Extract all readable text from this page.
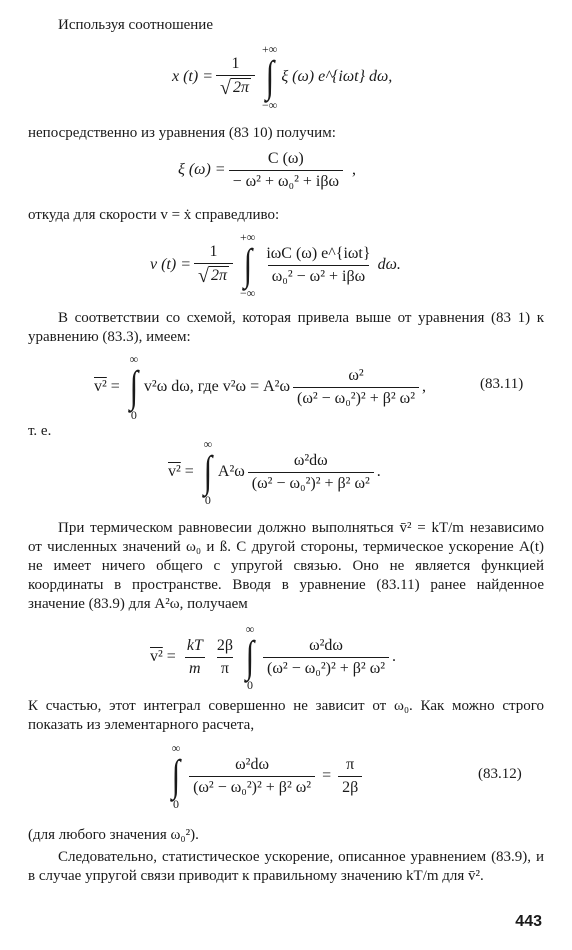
Используя соотношение
x $(t) = \frac{1}{√ 2\pi}$
+∞
∫
−∞
ξ (ω) e^{iωt} dω,
непосредственно из уравнения (83 10) получим:
ξ $(\omega) = \frac{C (\omega)}{\text{− ω² + ω₀² + iβω}}$ ,
откуда для скорости v = ẋ справедливо:
v $(t) = \frac{1}{√ 2\pi}$
+∞
∫
−∞
$\frac{\text{iωC (ω) e\textasciicircum{}\{iωt\}}}{\text{ω₀² − ω² + iβω}} d\omega$.
В соответствии со схемой, которая привела выше от уравнения (83 1) к уравнению (83.3), имеем:
v² =
∞
∫
0
v²ω dω, где $v^2\omega = A^2\omega \frac{\text{ω²}}{\text{(ω² − ω₀²)² + β² ω²}}$ ,	(83.11)
т. е.
v² =
∞
∫
0
$A^2\omega \frac{\text{ω²dω}}{\text{(ω² − ω₀²)² + β² ω²}}$ .
При термическом равновесии должно выполняться v̄² = kT/m независимо от численных значений ω₀ и ß. С другой стороны, термическое ускорение A(t) не имеет ничего общего с упругой связью. Оно не является функцией координаты в пространстве. Вводя в уравнение (83.11) ранее найденное значение (83.9) для A²ω, получаем
$v^2 = \frac{kT}{m} \frac{2\beta}{\pi}$
∞
∫
0
$\frac{\text{ω²dω}}{\text{(ω² − ω₀²)² + β² ω²}}$ .
К счастью, этот интеграл совершенно не зависит от ω₀. Как можно строго показать из элементарного расчета,
∞
∫
0
$\frac{\text{ω²dω}}{\text{(ω² − ω₀²)² + β² ω²}} = \frac{\pi}{2\beta}$	(83.12)
(для любого значения ω₀²).
Следовательно, статистическое ускорение, описанное уравнением (83.9), и в случае упругой связи приводит к правильному значению kT/m для v̄².
443
